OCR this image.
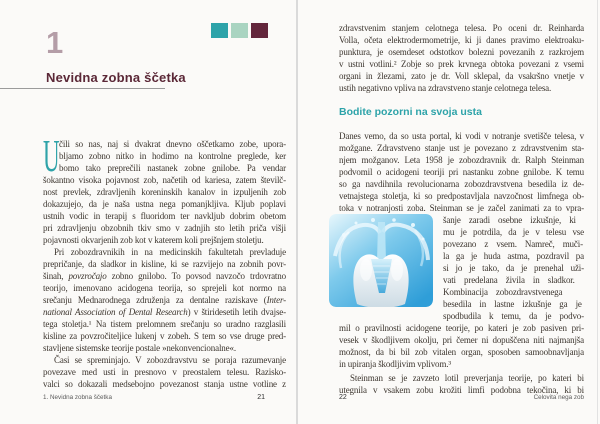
1
Nevidna zobna ščetka
U čili so nas, naj si dvakrat dnevno oščetkamo zobe, upora-
bljamo zobno nitko in hodimo na kontrolne preglede, ker
bomo tako preprečili nastanek zobne gnilobe. Pa vendar
šokantno visoka pojavnost zob, načetih od kariesa, zatem številč-
nost prevlek, zdravljenih koreninskih kanalov in izpuljenih zob
dokazujejo, da je naša ustna nega pomanjkljiva. Kljub poplavi
ustnih vodic in terapij s fluoridom ter navkljub dobrim obetom
pri zdravljenju obzobnih tkiv smo v zadnjih sto letih priča višji
pojavnosti okvarjenih zob kot v katerem koli prejšnjem stoletju.
Pri zobozdravnikih in na medicinskih fakultetah prevladuje
prepričanje, da sladkor in kisline, ki se razvijejo na zobnih povr-
šinah, povzročajo zobno gnilobo. To povsod navzočo trdovratno
teorijo, imenovano acidogena teorija, so sprejeli kot normo na
srečanju Mednarodnega združenja za dentalne raziskave (Inter-
national Association of Dental Research) v štiridesetih letih dvajse-
tega stoletja.¹ Na tistem prelomnem srečanju so uradno razglasili
kisline za povzročiteljice lukenj v zobeh. S tem so vse druge pred-
stavljene sistemske teorije postale »nekonvencionalne«.
Časi se spreminjajo. V zobozdravstvu se poraja razumevanje
povezave med usti in presnovo v preostalem telesu. Razisko-
valci so dokazali medsebojno povezanost stanja ustne votline z
1. Nevidna zobna ščetka	21
zdravstvenim stanjem celotnega telesa. Po oceni dr. Reinharda
Volla, očeta elektrodermometrije, ki ji danes pravimo elektroaku-
punktura, je osemdeset odstotkov bolezni povezanih z razkrojem
v ustni votlini.² Zobje so prek krvnega obtoka povezani z vsemi
organi in žlezami, zato je dr. Voll sklepal, da vsakršno vnetje v
ustih negativno vpliva na zdravstveno stanje celotnega telesa.
Bodite pozorni na svoja usta
Danes vemo, da so usta portal, ki vodi v notranje svetišče telesa, v
možgane. Zdravstveno stanje ust je povezano z zdravstvenim sta-
njem možganov. Leta 1958 je zobozdravnik dr. Ralph Steinman
podvomil o acidogeni teoriji pri nastanku zobne gnilobe. K temu
so ga navdihnila revolucionarna zobozdravstvena besedila iz de-
vetnajstega stoletja, ki so predpostavljala navzočnost limfnega ob-
toka v notranjosti zoba. Steinman se je začel zanimati za to vpra-
šanje zaradi osebne izkušnje, ki
mu je potrdila, da je v telesu vse
povezano z vsem. Namreč, muči-
la ga je huda astma, pozdravil pa
si jo je tako, da je prenehal uži-
vati predelana živila in sladkor.
Kombinacija zobozdravstvenega
besedila in lastne izkušnje ga je
spodbudila k temu, da je podvo-
mil o pravilnosti acidogene teorije, po kateri je zob pasiven pri-
vesek v škodljivem okolju, pri čemer ni dopuščena niti najmanjša
možnost, da bi bil zob vitalen organ, sposoben samoobnavljanja
in upiranja škodljivim vplivom.³
Steinman se je zavzeto lotil preverjanja teorije, po kateri bi
utegnila v vsakem zobu krožiti limfi podobna tekočina, ki bi
22	Celovita nega zob
